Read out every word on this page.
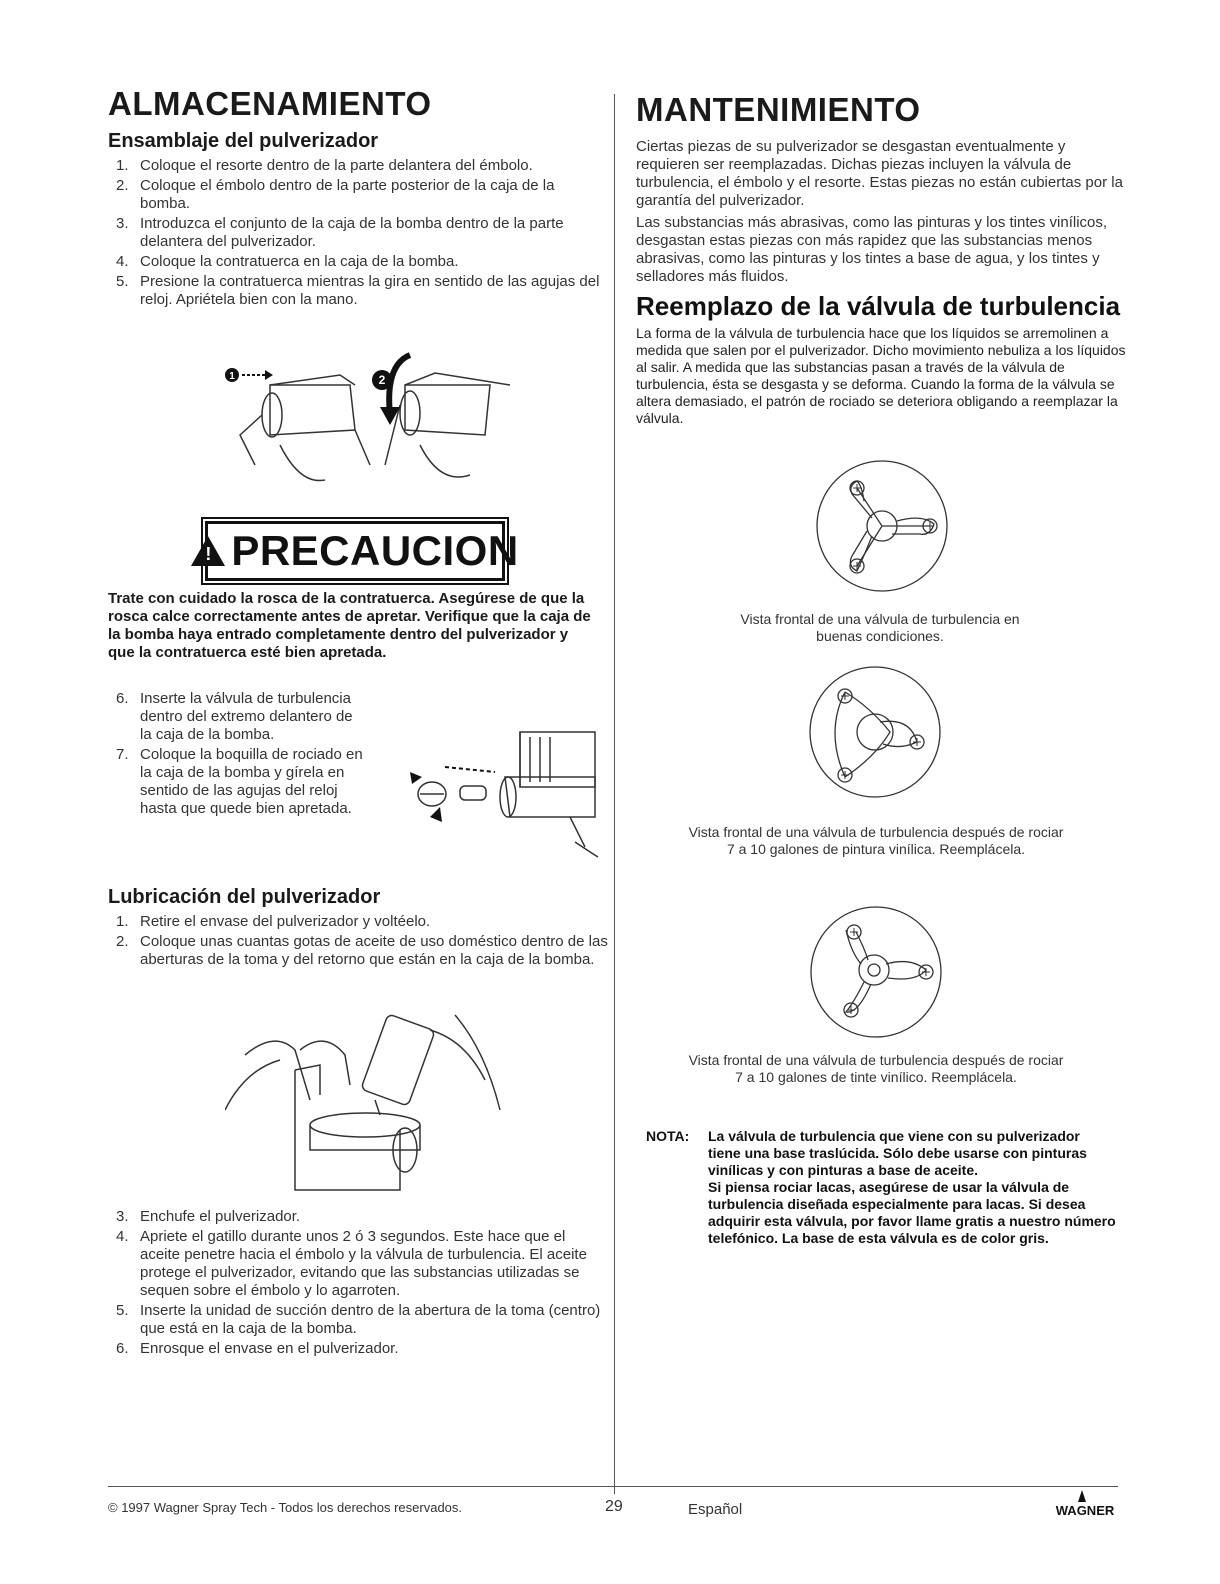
ALMACENAMIENTO
Ensamblaje del pulverizador
1. Coloque el resorte dentro de la parte delantera del émbolo.
2. Coloque el émbolo dentro de la parte posterior de la caja de la bomba.
3. Introduzca el conjunto de la caja de la bomba dentro de la parte delantera del pulverizador.
4. Coloque la contratuerca en la caja de la bomba.
5. Presione la contratuerca mientras la gira en sentido de las agujas del reloj. Apriétela bien con la mano.
1	2
! PRECAUCION
Trate con cuidado la rosca de la contratuerca. Asegúrese de que la rosca calce correctamente antes de apretar. Verifique que la caja de la bomba haya entrado completamente dentro del pulverizador y que la contratuerca esté bien apretada.
6. Inserte la válvula de turbulencia dentro del extremo delantero de la caja de la bomba.
7. Coloque la boquilla de rociado en la caja de la bomba y gírela en sentido de las agujas del reloj hasta que quede bien apretada.
Lubricación del pulverizador
1. Retire el envase del pulverizador y voltéelo.
2. Coloque unas cuantas gotas de aceite de uso doméstico dentro de las aberturas de la toma y del retorno que están en la caja de la bomba.
3. Enchufe el pulverizador.
4. Apriete el gatillo durante unos 2 ó 3 segundos. Este hace que el aceite penetre hacia el émbolo y la válvula de turbulencia. El aceite protege el pulverizador, evitando que las substancias utilizadas se sequen sobre el émbolo y lo agarroten.
5. Inserte la unidad de succión dentro de la abertura de la toma (centro) que está en la caja de la bomba.
6. Enrosque el envase en el pulverizador.
MANTENIMIENTO

Ciertas piezas de su pulverizador se desgastan eventualmente y requieren ser reemplazadas. Dichas piezas incluyen la válvula de turbulencia, el émbolo y el resorte. Estas piezas no están cubiertas por la garantía del pulverizador.

Las substancias más abrasivas, como las pinturas y los tintes vinílicos, desgastan estas piezas con más rapidez que las substancias menos abrasivas, como las pinturas y los tintes a base de agua, y los tintes y selladores más fluidos.

Reemplazo de la válvula de turbulencia

La forma de la válvula de turbulencia hace que los líquidos se arremolinen a medida que salen por el pulverizador. Dicho movimiento nebuliza a los líquidos al salir. A medida que las substancias pasan a través de la válvula de turbulencia, ésta se desgasta y se deforma. Cuando la forma de la válvula se altera demasiado, el patrón de rociado se deteriora obligando a reemplazar la válvula.

Vista frontal de una válvula de turbulencia en buenas condiciones.
Vista frontal de una válvula de turbulencia después de rociar 7 a 10 galones de pintura vinílica. Reemplácela.
Vista frontal de una válvula de turbulencia después de rociar 7 a 10 galones de tinte vinílico. Reemplácela.
NOTA: La válvula de turbulencia que viene con su pulverizador tiene una base traslúcida. Sólo debe usarse con pinturas vinílicas y con pinturas a base de aceite.
Si piensa rociar lacas, asegúrese de usar la válvula de turbulencia diseñada especialmente para lacas. Si desea adquirir esta válvula, por favor llame gratis a nuestro número telefónico. La base de esta válvula es de color gris.
© 1997 Wagner Spray Tech - Todos los derechos reservados.	29	Español	WAGNER
